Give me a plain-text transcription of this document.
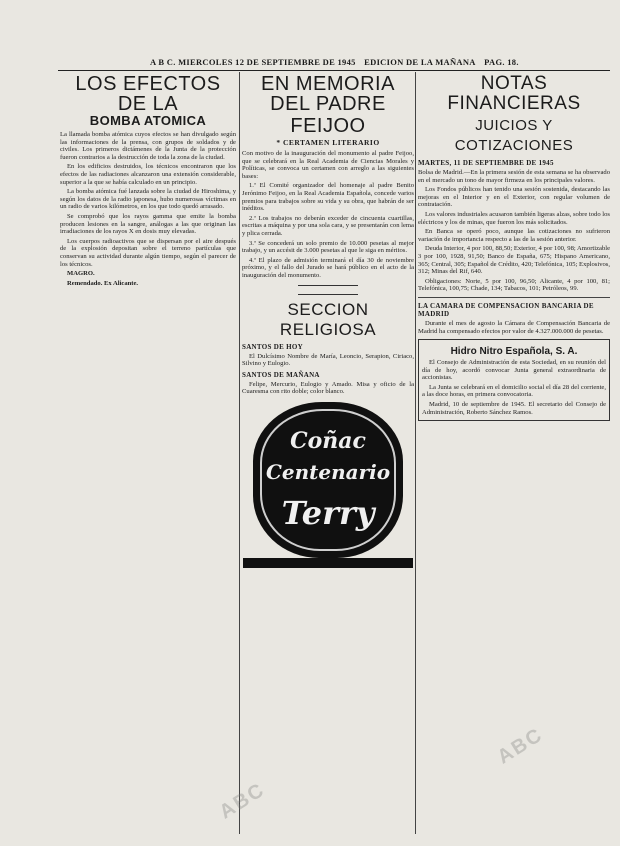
A B C. MIERCOLES 12 DE SEPTIEMBRE DE 1945 EDICION DE LA MAÑANA PAG. 18.
LOS EFECTOS DE LA
BOMBA ATOMICA

La llamada bomba atómica cuyos efectos se han divulgado según las informaciones de la prensa, con grupos de soldados y de civiles. Los primeros dictámenes de la Junta de la protección fueron contrarios a la destrucción de toda la zona de la ciudad.

En los edificios destruidos, los técnicos encontraron que los efectos de las radiaciones alcanzaron una extensión considerable, superior a la que se había calculado en un principio.

La bomba atómica fué lanzada sobre la ciudad de Hiroshima, y según los datos de la radio japonesa, hubo numerosas víctimas en un radio de varios kilómetros, en los que todo quedó arrasado.

Se comprobó que los rayos gamma que emite la bomba producen lesiones en la sangre, análogas a las que originan las irradiaciones de los rayos X en dosis muy elevadas.

Los cuerpos radioactivos que se dispersan por el aire después de la explosión depositan sobre el terreno partículas que conservan su actividad durante algún tiempo, según el parecer de los técnicos.

MAGRO.

Remendado. Ex Alicante.

EN MEMORIA DEL PADRE
FEIJOO
* CERTAMEN LITERARIO

Con motivo de la inauguración del monumento al padre Feijoo, que se celebrará en la Real Academia de Ciencias Morales y Políticas, se convoca un certamen con arreglo a las siguientes bases:

1.ª El Comité organizador del homenaje al padre Benito Jerónimo Feijoo, en la Real Academia Española, concede varios premios para trabajos sobre su vida y su obra, que habrán de ser inéditos.

2.ª Los trabajos no deberán exceder de cincuenta cuartillas, escritas a máquina y por una sola cara, y se presentarán con lema y plica cerrada.

3.ª Se concederá un solo premio de 10.000 pesetas al mejor trabajo, y un accésit de 3.000 pesetas al que le siga en méritos.

4.ª El plazo de admisión terminará el día 30 de noviembre próximo, y el fallo del Jurado se hará público en el acto de la inauguración del monumento.

SECCION RELIGIOSA
SANTOS DE HOY

El Dulcísimo Nombre de María, Leoncio, Serapion, Ciriaco, Silvino y Eulogio.

SANTOS DE MAÑANA

Felipe, Mercurio, Eulogio y Amado. Misa y oficio de la Cuaresma con rito doble; color blanco.

Coñac
Centenario
Terry
NOTAS FINANCIERAS
JUICIOS Y COTIZACIONES
MARTES, 11 DE SEPTIEMBRE DE 1945

Bolsa de Madrid.—En la primera sesión de esta semana se ha observado en el mercado un tono de mayor firmeza en los principales valores.

Los Fondos públicos han tenido una sesión sostenida, destacando las mejoras en el Interior y en el Exterior, con regular volumen de contratación.

Los valores industriales acusaron también ligeras alzas, sobre todo los eléctricos y los de minas, que fueron los más solicitados.

En Banca se operó poco, aunque las cotizaciones no sufrieron variación de importancia respecto a las de la sesión anterior.

Deuda Interior, 4 por 100, 88,50; Exterior, 4 por 100, 98; Amortizable 3 por 100, 1928, 91,50; Banco de España, 675; Hispano Americano, 365; Central, 305; Español de Crédito, 420; Telefónica, 105; Explosivos, 312; Minas del Rif, 640.

Obligaciones: Norte, 5 por 100, 96,50; Alicante, 4 por 100, 81; Telefónica, 100,75; Chade, 134; Tabacos, 101; Petróleos, 99.

LA CAMARA DE COMPENSACION BANCARIA DE MADRID

Durante el mes de agosto la Cámara de Compensación Bancaria de Madrid ha compensado efectos por valor de 4.327.000.000 de pesetas.

Hidro Nitro Española, S. A.

El Consejo de Administración de esta Sociedad, en su reunión del día de hoy, acordó convocar Junta general extraordinaria de accionistas.

La Junta se celebrará en el domicilio social el día 28 del corriente, a las doce horas, en primera convocatoria.

Madrid, 10 de septiembre de 1945. El secretario del Consejo de Administración, Roberto Sánchez Ramos.

ABC
ABC
